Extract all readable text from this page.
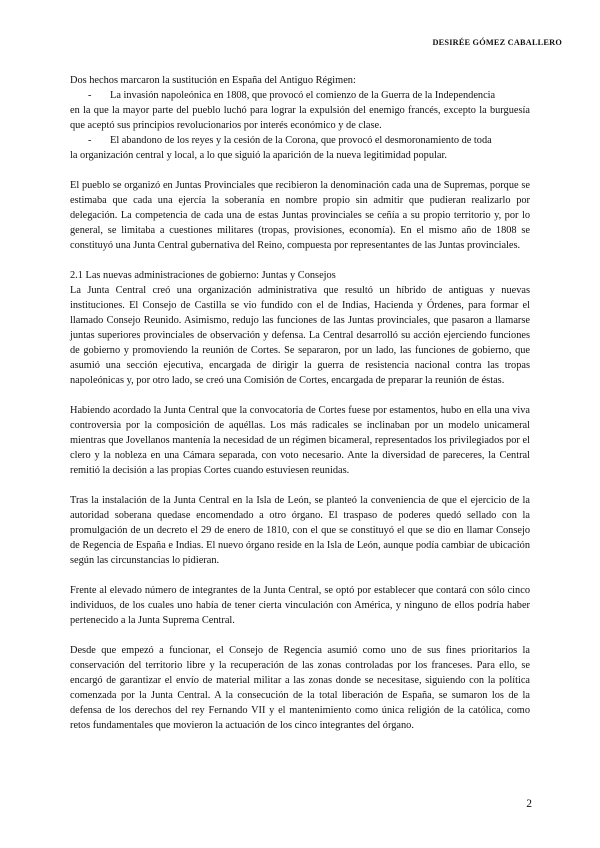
DESIRÉE GÓMEZ CABALLERO

Dos hechos marcaron la sustitución en España del Antiguo Régimen:

-	La invasión napoleónica en 1808, que provocó el comienzo de la Guerra de la Independencia

en la que la mayor parte del pueblo luchó para lograr la expulsión del enemigo francés, excepto la burguesía que aceptó sus principios revolucionarios por interés económico y de clase.

-	El abandono de los reyes y la cesión de la Corona, que provocó el desmoronamiento de toda

la organización central y local, a lo que siguió la aparición de la nueva legitimidad popular.

El pueblo se organizó en Juntas Provinciales que recibieron la denominación cada una de Supremas, porque se estimaba que cada una ejercía la soberanía en nombre propio sin admitir que pudieran realizarlo por delegación. La competencia de cada una de estas Juntas provinciales se ceñía a su propio territorio y, por lo general, se limitaba a cuestiones militares (tropas, provisiones, economía). En el mismo año de 1808 se constituyó una Junta Central gubernativa del Reino, compuesta por representantes de las Juntas provinciales.

2.1 Las nuevas administraciones de gobierno: Juntas y Consejos

La Junta Central creó una organización administrativa que resultó un híbrido de antiguas y nuevas instituciones. El Consejo de Castilla se vio fundido con el de Indias, Hacienda y Órdenes, para formar el llamado Consejo Reunido. Asimismo, redujo las funciones de las Juntas provinciales, que pasaron a llamarse juntas superiores provinciales de observación y defensa. La Central desarrolló su acción ejerciendo funciones de gobierno y promoviendo la reunión de Cortes. Se separaron, por un lado, las funciones de gobierno, que asumió una sección ejecutiva, encargada de dirigir la guerra de resistencia nacional contra las tropas napoleónicas y, por otro lado, se creó una Comisión de Cortes, encargada de preparar la reunión de éstas.

Habiendo acordado la Junta Central que la convocatoria de Cortes fuese por estamentos, hubo en ella una viva controversia por la composición de aquéllas. Los más radicales se inclinaban por un modelo unicameral mientras que Jovellanos mantenía la necesidad de un régimen bicameral, representados los privilegiados por el clero y la nobleza en una Cámara separada, con voto necesario. Ante la diversidad de pareceres, la Central remitió la decisión a las propias Cortes cuando estuviesen reunidas.

Tras la instalación de la Junta Central en la Isla de León, se planteó la conveniencia de que el ejercicio de la autoridad soberana quedase encomendado a otro órgano. El traspaso de poderes quedó sellado con la promulgación de un decreto el 29 de enero de 1810, con el que se constituyó el que se dio en llamar Consejo de Regencia de España e Indias. El nuevo órgano reside en la Isla de León, aunque podía cambiar de ubicación según las circunstancias lo pidieran.

Frente al elevado número de integrantes de la Junta Central, se optó por establecer que contará con sólo cinco individuos, de los cuales uno había de tener cierta vinculación con América, y ninguno de ellos podría haber pertenecido a la Junta Suprema Central.

Desde que empezó a funcionar, el Consejo de Regencia asumió como uno de sus fines prioritarios la conservación del territorio libre y la recuperación de las zonas controladas por los franceses. Para ello, se encargó de garantizar el envío de material militar a las zonas donde se necesitase, siguiendo con la política comenzada por la Junta Central. A la consecución de la total liberación de España, se sumaron los de la defensa de los derechos del rey Fernando VII y el mantenimiento como única religión de la católica, como retos fundamentales que movieron la actuación de los cinco integrantes del órgano.

2
